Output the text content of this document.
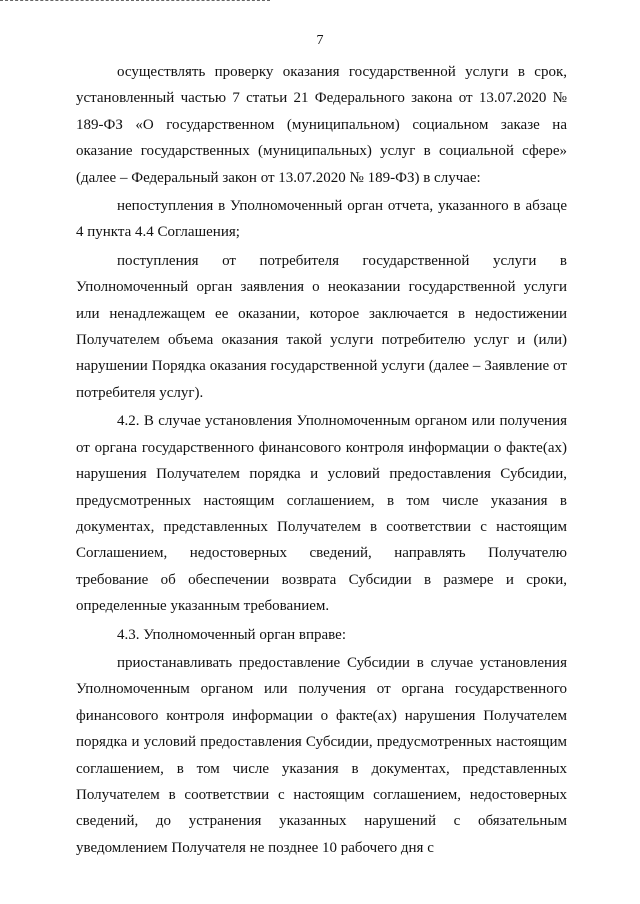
7

осуществлять проверку оказания государственной услуги в срок, установленный частью 7 статьи 21 Федерального закона от 13.07.2020 № 189-ФЗ «О государственном (муниципальном) социальном заказе на оказание государственных (муниципальных) услуг в социальной сфере» (далее – Федеральный закон от 13.07.2020 № 189-ФЗ) в случае:

непоступления в Уполномоченный орган отчета, указанного в абзаце 4 пункта 4.4 Соглашения;

поступления от потребителя государственной услуги в Уполномоченный орган заявления о неоказании государственной услуги или ненадлежащем ее оказании, которое заключается в недостижении Получателем объема оказания такой услуги потребителю услуг и (или) нарушении Порядка оказания государственной услуги (далее – Заявление от потребителя услуг).

4.2. В случае установления Уполномоченным органом или получения от органа государственного финансового контроля информации о факте(ах) нарушения Получателем порядка и условий предоставления Субсидии, предусмотренных настоящим соглашением, в том числе указания в документах, представленных Получателем в соответствии с настоящим Соглашением, недостоверных сведений, направлять Получателю требование об обеспечении возврата Субсидии в размере и сроки, определенные указанным требованием.

4.3. Уполномоченный орган вправе:

приостанавливать предоставление Субсидии в случае установления Уполномоченным органом или получения от органа государственного финансового контроля информации о факте(ах) нарушения Получателем порядка и условий предоставления Субсидии, предусмотренных настоящим соглашением, в том числе указания в документах, представленных Получателем в соответствии с настоящим соглашением, недостоверных сведений, до устранения указанных нарушений с обязательным уведомлением Получателя не позднее 10 рабочего дня с
